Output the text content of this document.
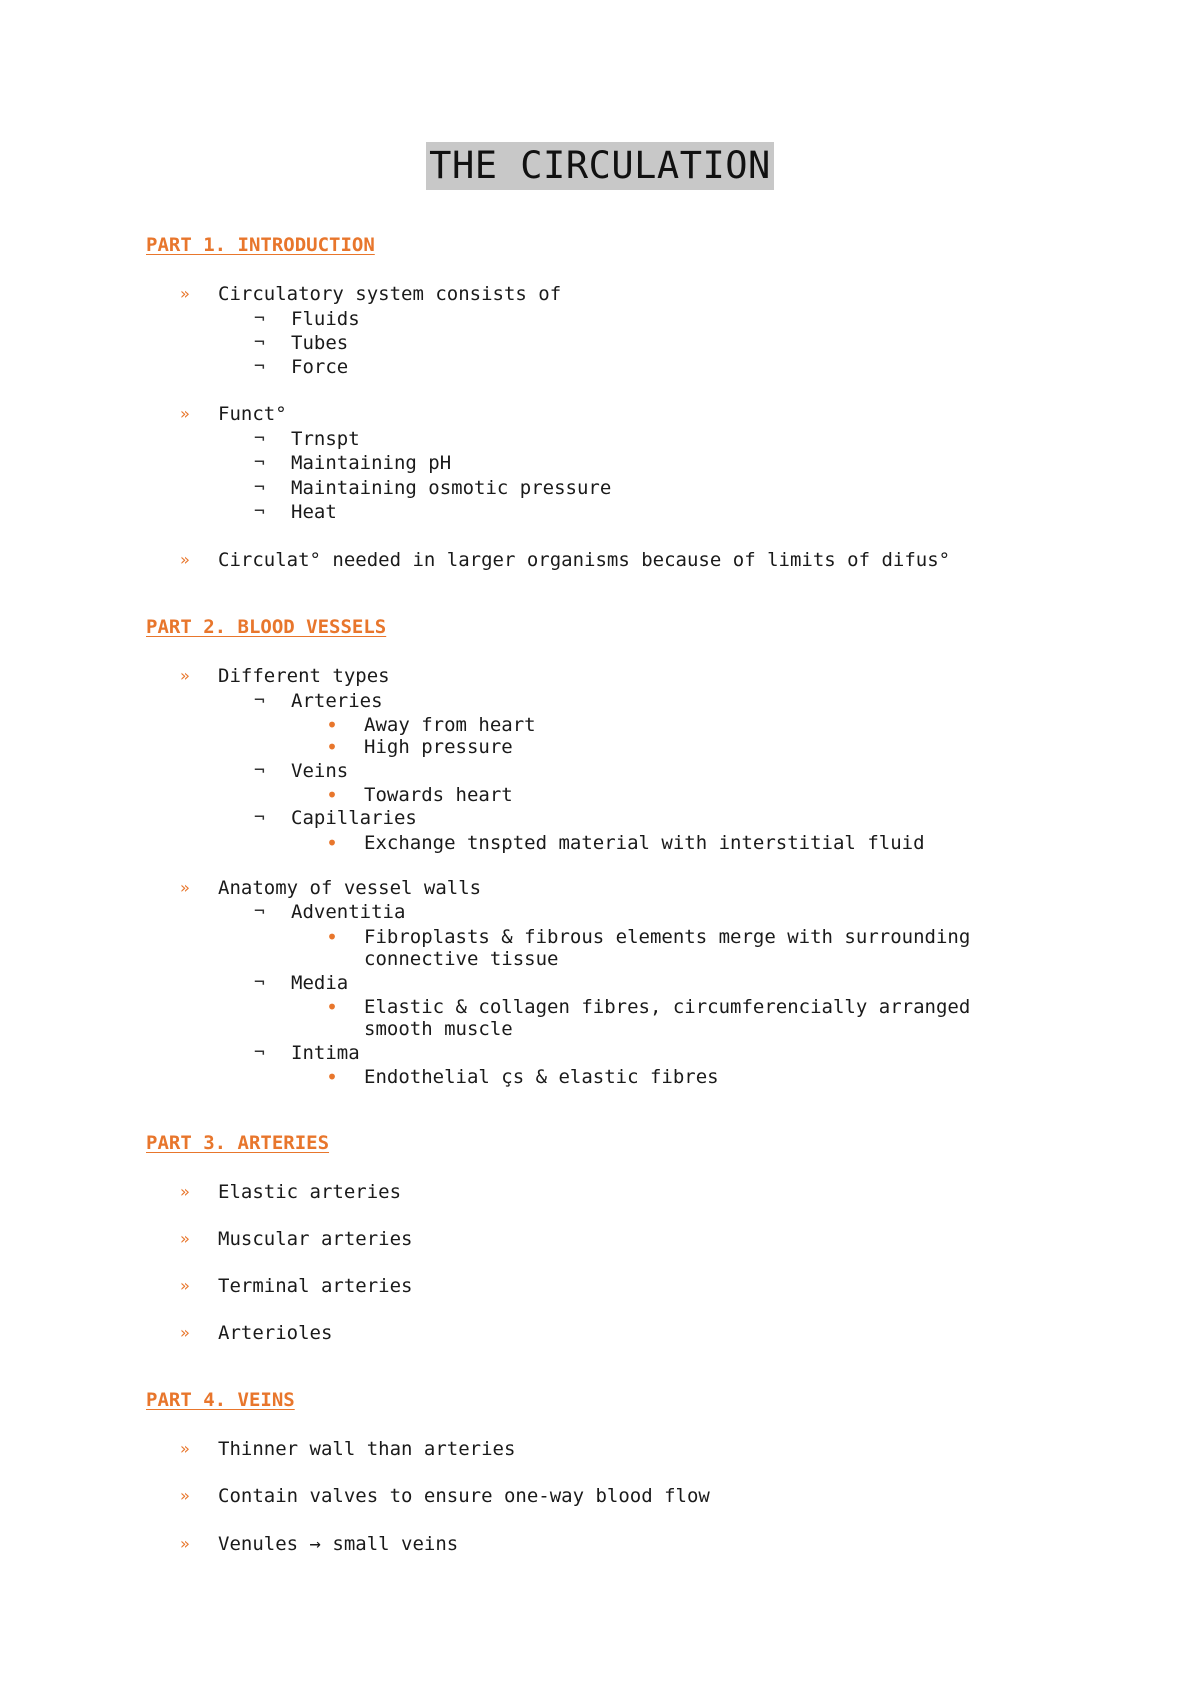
THE CIRCULATION
PART 1. INTRODUCTION
» Circulatory system consists of
¬ Fluids
¬ Tubes
¬ Force
» Funct°
¬ Trnspt
¬ Maintaining pH
¬ Maintaining osmotic pressure
¬ Heat
» Circulat° needed in larger organisms because of limits of difus°
PART 2. BLOOD VESSELS
» Different types
¬ Arteries
• Away from heart
• High pressure
¬ Veins
• Towards heart
¬ Capillaries
• Exchange tnspted material with interstitial fluid
» Anatomy of vessel walls
¬ Adventitia
• Fibroplasts & fibrous elements merge with surrounding
connective tissue
¬ Media
• Elastic & collagen fibres, circumferencially arranged
smooth muscle
¬ Intima
• Endothelial çs & elastic fibres
PART 3. ARTERIES
» Elastic arteries
» Muscular arteries
» Terminal arteries
» Arterioles
PART 4. VEINS
» Thinner wall than arteries
» Contain valves to ensure one-way blood flow
» Venules → small veins
